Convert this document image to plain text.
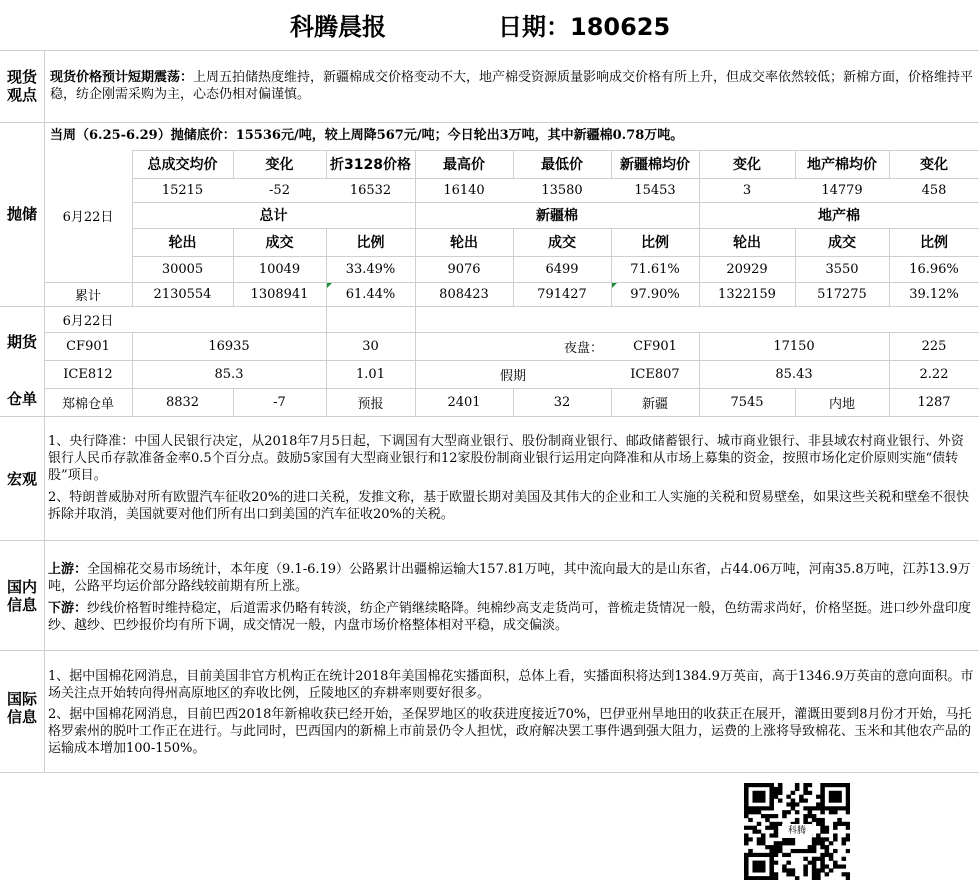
科腾晨报	日期：180625
现货
观点
现货价格预计短期震荡：上周五拍储热度维持，新疆棉成交价格变动不大，地产棉受资源质量影响成交价格有所上升，但成交率依然较低；新棉方面，价格维持平稳，纺企刚需采购为主，心态仍相对偏谨慎。
抛储
当周（6.25-6.29）抛储底价：15536元/吨，较上周降567元/吨；今日轮出3万吨，其中新疆棉0.78万吨。
6月22日
总成交均价	变化	折3128价格	最高价	最低价	新疆棉均价	变化	地产棉均价	变化
15215	-52	16532	16140	13580	15453	3	14779	458
总计	新疆棉	地产棉
轮出	成交	比例	轮出	成交	比例	轮出	成交	比例
30005	10049	33.49%	9076	6499	71.61%	20929	3550	16.96%
累计	2130554	1308941	61.44%	808423	791427	97.90%	1322159	517275	39.12%
期货
6月22日
CF901	16935	30	夜盘：	CF901	17150	225
ICE812	85.3	1.01	假期	ICE807	85.43	2.22
仓单	郑棉仓单	8832	-7	预报	2401	32	新疆	7545	内地	1287
宏观
1、央行降准：中国人民银行决定，从2018年7月5日起，下调国有大型商业银行、股份制商业银行、邮政储蓄银行、城市商业银行、非县域农村商业银行、外资银行人民币存款准备金率0.5个百分点。鼓励5家国有大型商业银行和12家股份制商业银行运用定向降准和从市场上募集的资金，按照市场化定价原则实施“债转股”项目。
2、特朗普威胁对所有欧盟汽车征收20%的进口关税，发推文称，基于欧盟长期对美国及其伟大的企业和工人实施的关税和贸易壁垒，如果这些关税和壁垒不很快拆除并取消，美国就要对他们所有出口到美国的汽车征收20%的关税。
国内
信息
上游：全国棉花交易市场统计，本年度（9.1-6.19）公路累计出疆棉运输大157.81万吨，其中流向最大的是山东省，占44.06万吨，河南35.8万吨，江苏13.9万吨，公路平均运价部分路线较前期有所上涨。
下游：纱线价格暂时维持稳定，后道需求仍略有转淡，纺企产销继续略降。纯棉纱高支走货尚可，普梳走货情况一般，色纺需求尚好，价格坚挺。进口纱外盘印度纱、越纱、巴纱报价均有所下调，成交情况一般，内盘市场价格整体相对平稳，成交偏淡。
国际
信息
1、据中国棉花网消息，目前美国非官方机构正在统计2018年美国棉花实播面积，总体上看，实播面积将达到1384.9万英亩，高于1346.9万英亩的意向面积。市场关注点开始转向得州高原地区的弃收比例，丘陵地区的弃耕率则要好很多。
2、据中国棉花网消息，目前巴西2018年新棉收获已经开始，圣保罗地区的收获进度接近70%，巴伊亚州旱地田的收获正在展开，灌溉田要到8月份才开始，马托格罗索州的脱叶工作正在进行。与此同时，巴西国内的新棉上市前景仍令人担忧，政府解决罢工事件遇到强大阻力，运费的上涨将导致棉花、玉米和其他农产品的运输成本增加100-150%。
科腾
